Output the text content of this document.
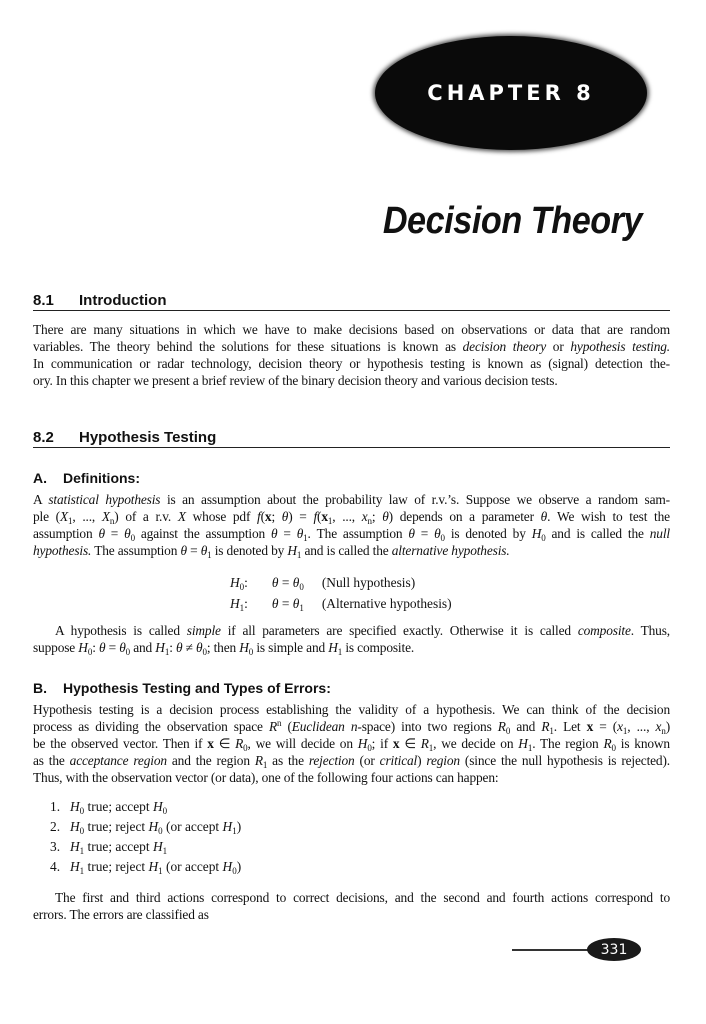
CHAPTER 8
Decision Theory
8.1 Introduction
There are many situations in which we have to make decisions based on observations or data that are random
variables. The theory behind the solutions for these situations is known as decision theory or hypothesis testing.
In communication or radar technology, decision theory or hypothesis testing is known as (signal) detection the-
ory. In this chapter we present a brief review of the binary decision theory and various decision tests.
8.2 Hypothesis Testing
A. Definitions:
A statistical hypothesis is an assumption about the probability law of r.v.’s. Suppose we observe a random sam-
ple ($X_1$, ..., $X_n$) of a r.v. X whose pdf f(x; $\theta) = f(x_1$, ..., $x_n$; θ) depends on a parameter θ. We wish to test the
assumption $\theta = \theta_0$ against the assumption $\theta = \theta_1$. The assumption $\theta = \theta_0$ is denoted by $H_0$ and is called the null
hypothesis. The assumption $\theta = \theta_1$ is denoted by $H_1$ and is called the alternative hypothesis.
$H_0$:	$\theta = \theta_0$	(Null hypothesis)
$H_1$:	$\theta = \theta_1$	(Alternative hypothesis)
A hypothesis is called simple if all parameters are specified exactly. Otherwise it is called composite. Thus,
suppose $H_0$: $\theta = \theta_0$ and $H_1$: $\theta \ne \theta_0$; then $H_0$ is simple and $H_1$ is composite.
B. Hypothesis Testing and Types of Errors:
Hypothesis testing is a decision process establishing the validity of a hypothesis. We can think of the decision
process as dividing the observation space $R^n$ (Euclidean n-space) into two regions $R_0$ and $R_1$. Let $x = (x_1$, ..., $x_n$)
be the observed vector. Then if x ∈ $R_0$, we will decide on $H_0$; if x ∈ $R_1$, we decide on $H_1$. The region $R_0$ is known
as the acceptance region and the region $R_1$ as the rejection (or critical) region (since the null hypothesis is rejected).
Thus, with the observation vector (or data), one of the following four actions can happen:
1. $H_0$ true; accept $H_0$
2. $H_0$ true; reject $H_0$ (or accept $H_1$)
3. $H_1$ true; accept $H_1$
4. $H_1$ true; reject $H_1$ (or accept $H_0$)
The first and third actions correspond to correct decisions, and the second and fourth actions correspond to
errors. The errors are classified as
331
